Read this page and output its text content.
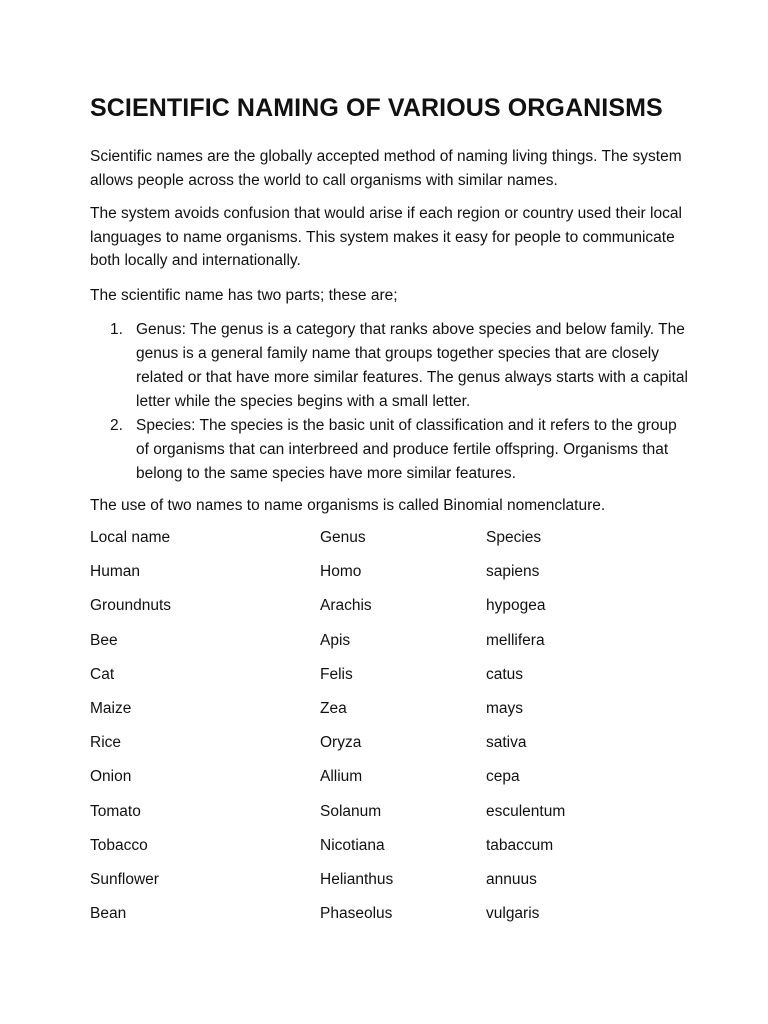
SCIENTIFIC NAMING OF VARIOUS ORGANISMS

Scientific names are the globally accepted method of naming living things. The system allows people across the world to call organisms with similar names.

The system avoids confusion that would arise if each region or country used their local languages to name organisms. This system makes it easy for people to communicate both locally and internationally.

The scientific name has two parts; these are;

1. Genus: The genus is a category that ranks above species and below family. The genus is a general family name that groups together species that are closely related or that have more similar features. The genus always starts with a capital letter while the species begins with a small letter.
2. Species: The species is the basic unit of classification and it refers to the group of organisms that can interbreed and produce fertile offspring. Organisms that belong to the same species have more similar features.

The use of two names to name organisms is called Binomial nomenclature.

Local name	Genus	Species
Human	Homo	sapiens
Groundnuts	Arachis	hypogea
Bee	Apis	mellifera
Cat	Felis	catus
Maize	Zea	mays
Rice	Oryza	sativa
Onion	Allium	cepa
Tomato	Solanum	esculentum
Tobacco	Nicotiana	tabaccum
Sunflower	Helianthus	annuus
Bean	Phaseolus	vulgaris
